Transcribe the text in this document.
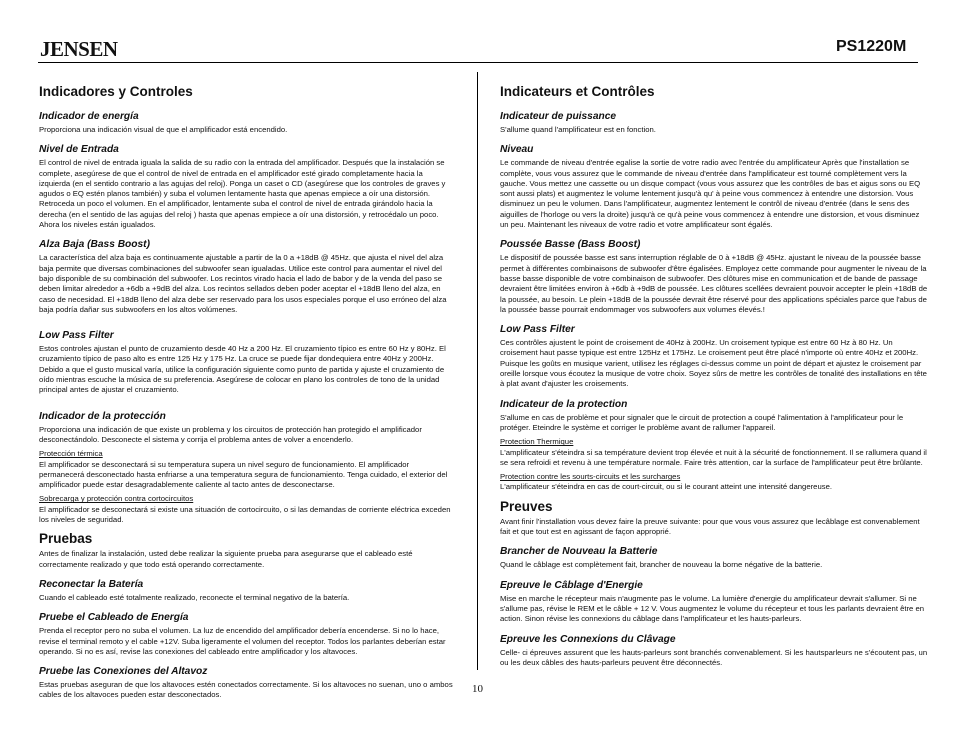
JENSEN	PS1220M
Indicadores y Controles
Indicador de energía
Proporciona una indicación visual de que el amplificador está encendido.
Nivel de Entrada
El control de nivel de entrada iguala la salida de su radio con la entrada del amplificador. Después que la instalación se complete, asegúrese de que el control de nivel de entrada en el amplificador esté girado completamente hacia la izquierda (en el sentido contrario a las agujas del reloj). Ponga un caset o CD (asegúrese que los controles de graves y agudos o EQ estén planos también) y suba el volumen lentamente hasta que apenas empiece a oír una distorsión. Retroceda un poco el volumen. En el amplificador, lentamente suba el control de nivel de entrada girándolo hacia la derecha (en el sentido de las agujas del reloj ) hasta que apenas empiece a oír una distorsión, y retrocédalo un poco. Ahora los niveles están igualados.
Alza Baja (Bass Boost)
La característica del alza baja es continuamente ajustable a partir de la 0 a +18dB @ 45Hz. que ajusta el nivel del alza baja permite que diversas combinaciones del subwoofer sean igualadas. Utilice este control para aumentar el nivel del bajo disponible de su combinación del subwoofer. Los recintos virado hacia el lado de babor y de la venda del paso se deben limitar alrededor a +6db a +9dB del alza. Los recintos sellados deben poder aceptar el +18dB lleno del alza, en caso de necesidad. El +18dB lleno del alza debe ser reservado para los usos especiales porque el uso erróneo del alza baja podría dañar sus subwoofers en los altos volúmenes.
Low Pass Filter
Estos controles ajustan el punto de cruzamiento desde 40 Hz a 200 Hz. El cruzamiento típico es entre 60 Hz y 80Hz. El cruzamiento típico de paso alto es entre 125 Hz y 175 Hz. La cruce se puede fijar dondequiera entre 40Hz y 200Hz. Debido a que el gusto musical varía, utilice la configuración siguiente como punto de partida y ajuste el cruzamiento de oído mientras escuche la música de su preferencia. Asegúrese de colocar en plano los controles de tono de la unidad principal antes de ajustar el cruzamiento.
Indicador de la protección
Proporciona una indicación de que existe un problema y los circuitos de protección han protegido el amplificador desconectándolo. Desconecte el sistema y corrija el problema antes de volver a encenderlo.
Protección térmica
El amplificador se desconectará si su temperatura supera un nivel seguro de funcionamiento. El amplificador permanecerá desconectado hasta enfriarse a una temperatura segura de funcionamiento. Tenga cuidado, el exterior del amplificador puede estar desagradablemente caliente al tacto antes de desconectarse.
Sobrecarga y protección contra cortocircuitos
El amplificador se desconectará si existe una situación de cortocircuito, o si las demandas de corriente eléctrica exceden los niveles de seguridad.
Pruebas
Antes de finalizar la instalación, usted debe realizar la siguiente prueba para asegurarse que el cableado esté correctamente realizado y que todo está operando correctamente.
Reconectar la Batería
Cuando el cableado esté totalmente realizado, reconecte el terminal negativo de la batería.
Pruebe el Cableado de Energía
Prenda el receptor pero no suba el volumen. La luz de encendido del amplificador debería encenderse. Si no lo hace, revise el terminal remoto y el cable +12V. Suba ligeramente el volumen del receptor. Todos los parlantes deberían estar operando. Si no es así, revise las conexiones del cableado entre amplificador y los altavoces.
Pruebe las Conexiones del Altavoz
Estas pruebas aseguran de que los altavoces estén conectados correctamente. Si los altavoces no suenan, uno o ambos cables de los altavoces pueden estar desconectados.
Indicateurs et Contrôles
Indicateur de puissance
S'allume quand l'amplificateur est en fonction.
Niveau
Le commande de niveau d'entrée egalise la sortie de votre radio avec l'entrée du amplificateur Après que l'installation se complète, vous vous assurez que le commande de niveau d'entrée dans l'amplificateur est tourné complètement vers la gauche. Vous mettez une cassette ou un disque compact (vous vous assurez que les contrôles de bas et aigus sons ou EQ sont aussi plats) et augmentez le volume lentement jusqu'à qu' à peine vous commencez à entendre une distorsion. Vous disminuez un peu le volumen. Dans l'amplificateur, augmentez lentement le contrôl de niveau d'entrée (dans le sens des aiguilles de l'horloge ou vers la droite) jusqu'à ce qu'à peine vous commencez à entendre une distorsion, et vous disminuez un peu. Maintenant les niveaux de votre radio et votre amplificateur sont égalés.
Poussée Basse (Bass Boost)
Le dispositif de poussée basse est sans interruption réglable de 0 à +18dB @ 45Hz. ajustant le niveau de la poussée basse permet à différentes combinaisons de subwoofer d'être égalisées. Employez cette commande pour augmenter le niveau de la basse basse disponible de votre combinaison de subwoofer. Des clôtures mise en communication et de bande de passage devraient être limitées environ à +6db à +9dB de poussée. Les clôtures scellées devraient pouvoir accepter le plein +18dB de la poussée, au besoin. Le plein +18dB de la poussée devrait être réservé pour des applications spéciales parce que l'abus de la poussée basse pourrait endommager vos subwoofers aux volumes élevés.!
Low Pass Filter
Ces contrôles ajustent le point de croisement de 40Hz à 200Hz. Un croisement typique est entre 60 Hz à 80 Hz. Un croisement haut passe typique est entre 125Hz et 175Hz. Le croisement peut être placé n'importe où entre 40Hz et 200Hz. Puisque les goûts en musique varient, utilisez les réglages ci-dessus comme un point de départ et ajustez le croisement par oreille lorsque vous écoutez la musique de votre choix. Soyez sûrs de mettre les contrôles de tonalité des installations en tête à plat avant d'ajuster les croisements.
Indicateur de la protection
S'allume en cas de problème et pour signaler que le circuit de protection a coupé l'alimentation à l'amplificateur pour le protéger. Eteindre le système et corriger le problème avant de rallumer l'appareil.
Protection Thermique
L'amplificateur s'éteindra si sa température devient trop élevée et nuit à la sécurité de fonctionnement. Il se rallumera quand il se sera refroidi et revenu à une température normale. Faire très attention, car la surface de l'amplificateur peut être brûlante.
Protection contre les sourts-circuits et les surcharges
L'amplificateur s'éteindra en cas de court-circuit, ou si le courant atteint une intensité dangereuse.
Preuves
Avant finir l'installation vous devez faire la preuve suivante: pour que vous vous assurez que lecâblage est convenablement fait et que tout est en agissant de façon approprié.
Brancher de Nouveau la Batterie
Quand le câblage est complètement fait, brancher de nouveau la borne négative de la batterie.
Epreuve le Câblage d'Energie
Mise en marche le récepteur mais n'augmente pas le volume. La lumière d'energie du amplificateur devrait s'allumer. Si ne s'allume pas, révise le REM et le câble + 12 V. Vous augmentez le volume du récepteur et tous les parlants devraient être en action. Sinon révise les connexions du câblage dans l'amplificateur et les hauts-parleurs.
Epreuve les Connexions du Clâvage
Celle- ci épreuves assurent que les hauts-parleurs sont branchés convenablement. Si les hautsparleurs ne s'écoutent pas, un ou les deux câbles des hauts-parleurs peuvent être déconnectés.
10
